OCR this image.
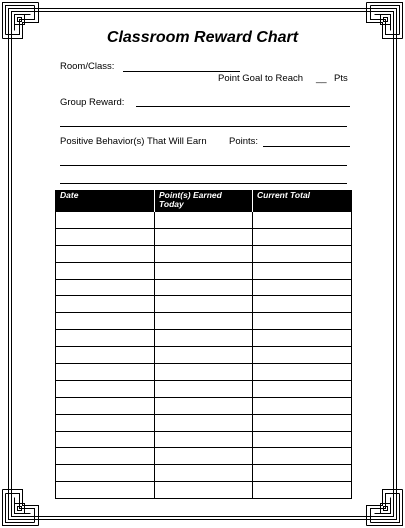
Classroom Reward Chart
Room/Class:
Point Goal to Reach __ Pts
Group Reward:
Positive Behavior(s) That Will Earn Points:
Date	Point(s) Earned Today	Current Total
